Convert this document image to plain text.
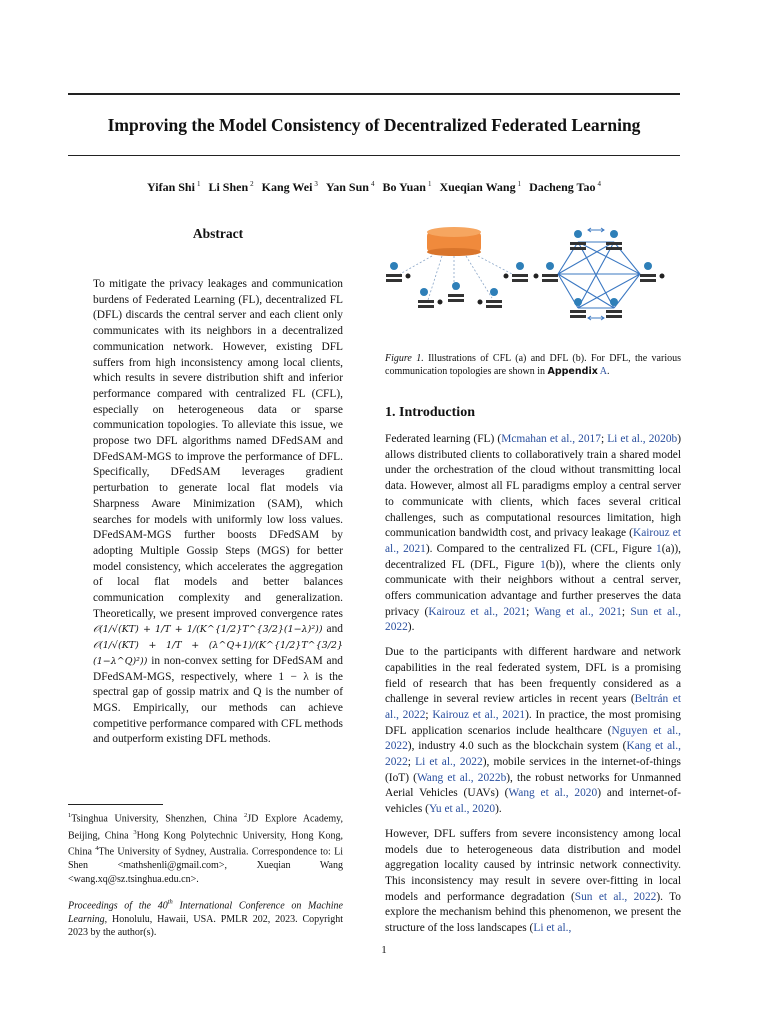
Improving the Model Consistency of Decentralized Federated Learning
Yifan Shi $^1$ Li Shen $^2$ Kang Wei $^3$ Yan Sun $^4$ Bo Yuan $^1$ Xueqian Wang $^1$ Dacheng Tao $^4$
Abstract

To mitigate the privacy leakages and communication burdens of Federated Learning (FL), decentralized FL (DFL) discards the central server and each client only communicates with its neighbors in a decentralized communication network. However, existing DFL suffers from high inconsistency among local clients, which results in severe distribution shift and inferior performance compared with centralized FL (CFL), especially on heterogeneous data or sparse communication topologies. To alleviate this issue, we propose two DFL algorithms named DFedSAM and DFedSAM-MGS to improve the performance of DFL. Specifically, DFedSAM leverages gradient perturbation to generate local flat models via Sharpness Aware Minimization (SAM), which searches for models with uniformly low loss values. DFedSAM-MGS further boosts DFedSAM by adopting Multiple Gossip Steps (MGS) for better model consistency, which accelerates the aggregation of local flat models and better balances communication complexity and generalization. Theoretically, we present improved convergence rates 𝒪(1/√(KT) + 1/T + 1/(K^{1/2}T^{3/2}(1−λ)²)) and 𝒪(1/√(KT) + 1/T + (λ^Q+1)/(K^{1/2}T^{3/2}(1−λ^Q)²)) in non-convex setting for DFedSAM and DFedSAM-MGS, respectively, where 1 − λ is the spectral gap of gossip matrix and Q is the number of MGS. Empirically, our methods can achieve competitive performance compared with CFL methods and outperform existing DFL methods.

$^1$Tsinghua University, Shenzhen, China $^2$JD Explore Academy, Beijing, China $^3$Hong Kong Polytechnic University, Hong Kong, China $^4$The University of Sydney, Australia. Correspondence to: Li Shen <mathshenli@gmail.com>, Xueqian Wang <wang.xq@sz.tsinghua.edu.cn>.

Proceedings of the 40th International Conference on Machine Learning, Honolulu, Hawaii, USA. PMLR 202, 2023. Copyright 2023 by the author(s).

Figure 1. Illustrations of CFL (a) and DFL (b). For DFL, the various communication topologies are shown in Appendix A.
1. Introduction

Federated learning (FL) (Mcmahan et al., 2017; Li et al., 2020b) allows distributed clients to collaboratively train a shared model under the orchestration of the cloud without transmitting local data. However, almost all FL paradigms employ a central server to communicate with clients, which faces several critical challenges, such as computational resources limitation, high communication bandwidth cost, and privacy leakage (Kairouz et al., 2021). Compared to the centralized FL (CFL, Figure 1(a)), decentralized FL (DFL, Figure 1(b)), where the clients only communicate with their neighbors without a central server, offers communication advantage and further preserves the data privacy (Kairouz et al., 2021; Wang et al., 2021; Sun et al., 2022).

Due to the participants with different hardware and network capabilities in the real federated system, DFL is a promising field of research that has been frequently considered as a challenge in several review articles in recent years (Beltrán et al., 2022; Kairouz et al., 2021). In practice, the most promising DFL application scenarios include healthcare (Nguyen et al., 2022), industry 4.0 such as the blockchain system (Kang et al., 2022; Li et al., 2022), mobile services in the internet-of-things (IoT) (Wang et al., 2022b), the robust networks for Unmanned Aerial Vehicles (UAVs) (Wang et al., 2020) and internet-of-vehicles (Yu et al., 2020).

However, DFL suffers from severe inconsistency among local models due to heterogeneous data distribution and model aggregation locality caused by intrinsic network connectivity. This inconsistency may result in severe over-fitting in local models and performance degradation (Sun et al., 2022). To explore the mechanism behind this phenomenon, we present the structure of the loss landscapes (Li et al.,

1
